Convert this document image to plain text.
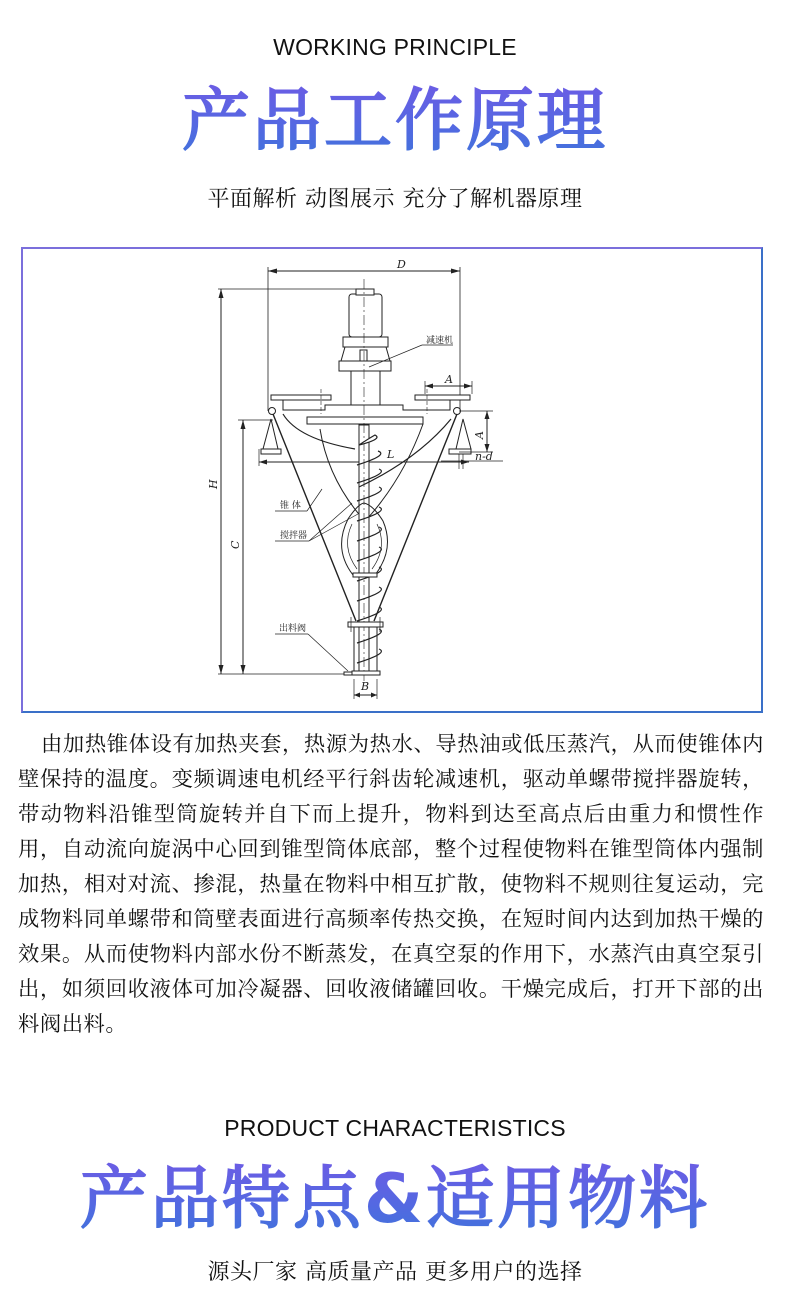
WORKING PRINCIPLE
产品工作原理
平面解析 动图展示 充分了解机器原理
D
H
C
减速机
A
A
n-d
L
B
锥 体
搅拌器
出料阀

由加热锥体设有加热夹套，热源为热水、导热油或低压蒸汽，从而使锥体内壁保持的温度。变频调速电机经平行斜齿轮减速机，驱动单螺带搅拌器旋转，带动物料沿锥型筒旋转并自下而上提升，物料到达至高点后由重力和惯性作用，自动流向旋涡中心回到锥型筒体底部，整个过程使物料在锥型筒体内强制加热，相对对流、掺混，热量在物料中相互扩散，使物料不规则往复运动，完成物料同单螺带和筒壁表面进行高频率传热交换，在短时间内达到加热干燥的效果。从而使物料内部水份不断蒸发，在真空泵的作用下，水蒸汽由真空泵引出，如须回收液体可加冷凝器、回收液储罐回收。干燥完成后，打开下部的出料阀出料。

PRODUCT CHARACTERISTICS
产品特点&适用物料
源头厂家 高质量产品 更多用户的选择
